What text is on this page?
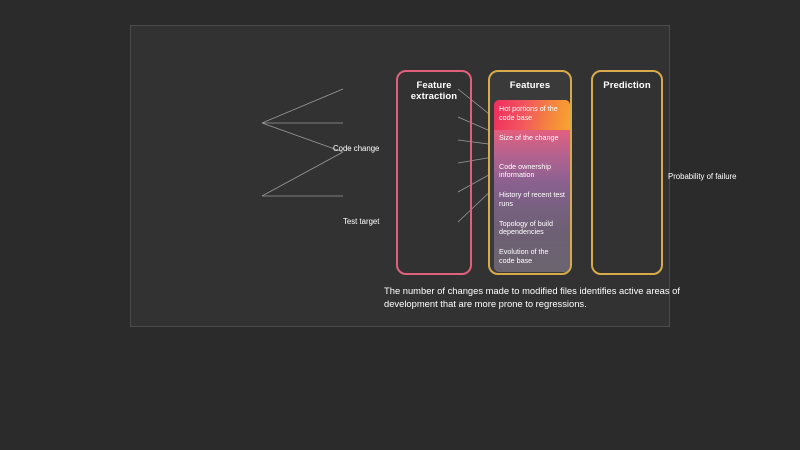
Feature
extraction
Features
Hot portions of the code base
Size of the change
Code ownership information
History of recent test runs
Topology of build dependencies
Evolution of the code base
Prediction
Code change
Test target
Probability of failure
The number of changes made to modified files identifies active areas of development that are more prone to regressions.
